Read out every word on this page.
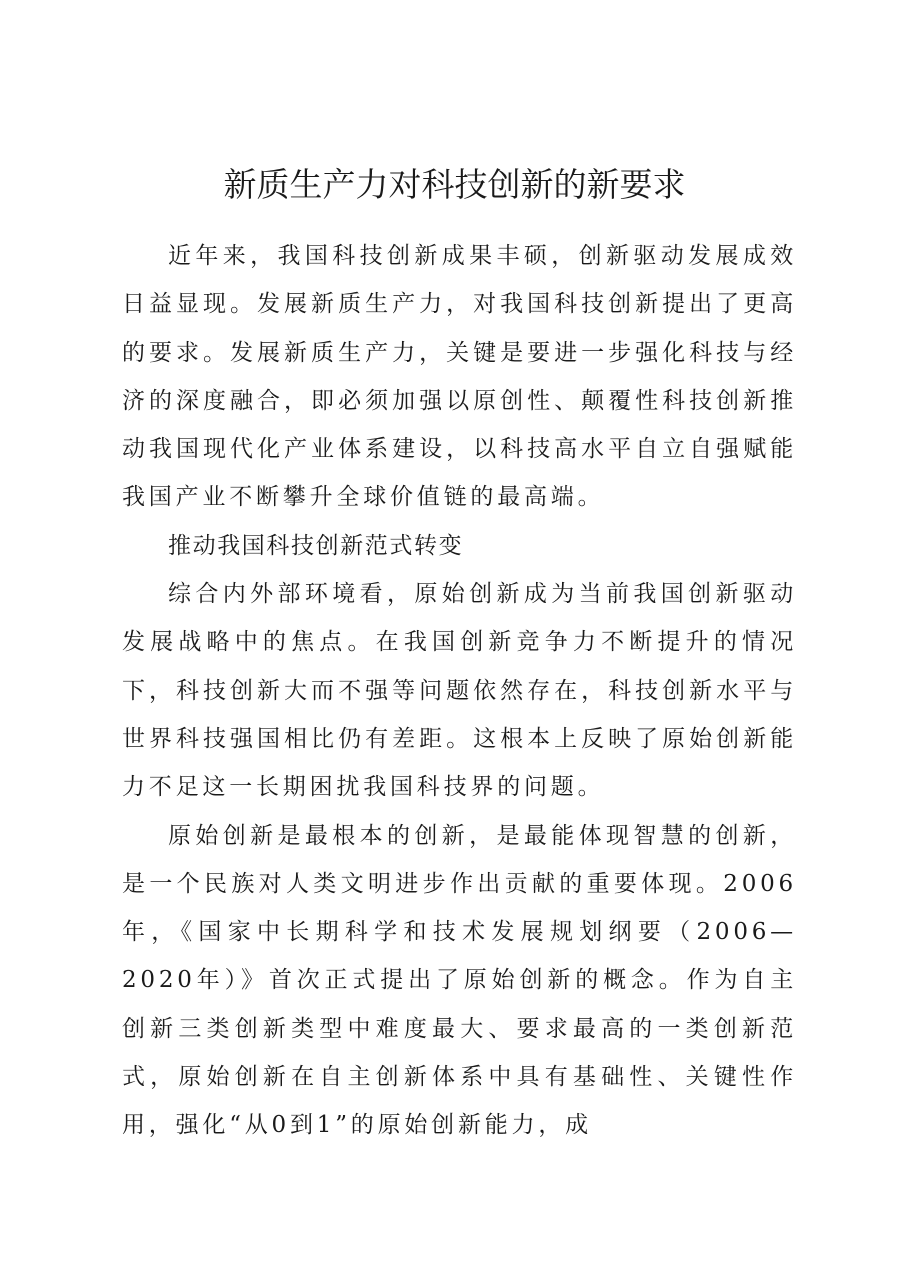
新质生产力对科技创新的新要求

近年来，我国科技创新成果丰硕，创新驱动发展成效日益显现。发展新质生产力，对我国科技创新提出了更高的要求。发展新质生产力，关键是要进一步强化科技与经济的深度融合，即必须加强以原创性、颠覆性科技创新推动我国现代化产业体系建设，以科技高水平自立自强赋能我国产业不断攀升全球价值链的最高端。

推动我国科技创新范式转变

综合内外部环境看，原始创新成为当前我国创新驱动发展战略中的焦点。在我国创新竞争力不断提升的情况下，科技创新大而不强等问题依然存在，科技创新水平与世界科技强国相比仍有差距。这根本上反映了原始创新能力不足这一长期困扰我国科技界的问题。

原始创新是最根本的创新，是最能体现智慧的创新，是一个民族对人类文明进步作出贡献的重要体现。2006年，《国家中长期科学和技术发展规划纲要（2006—2020年）》首次正式提出了原始创新的概念。作为自主创新三类创新类型中难度最大、要求最高的一类创新范式，原始创新在自主创新体系中具有基础性、关键性作用，强化“从0到1”的原始创新能力，成
